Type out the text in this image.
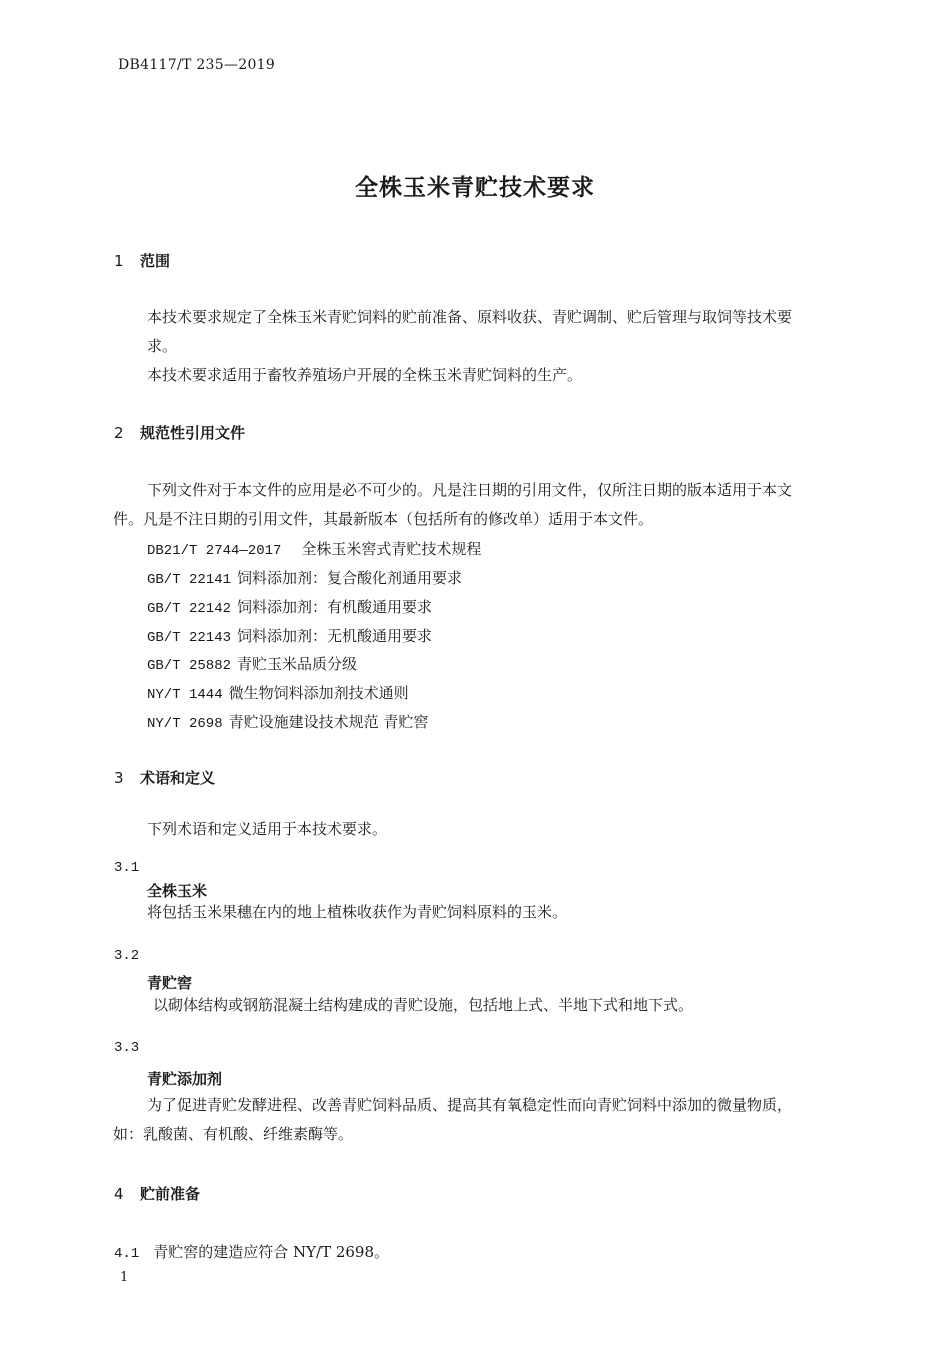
DB4117/T 235—2019
全株玉米青贮技术要求
1 范围
本技术要求规定了全株玉米青贮饲料的贮前准备、原料收获、青贮调制、贮后管理与取饲等技术要
求。
本技术要求适用于畜牧养殖场户开展的全株玉米青贮饲料的生产。
2 规范性引用文件
下列文件对于本文件的应用是必不可少的。凡是注日期的引用文件，仅所注日期的版本适用于本文
件。凡是不注日期的引用文件，其最新版本（包括所有的修改单）适用于本文件。
DB21/T 2744—2017 全株玉米窖式青贮技术规程
GB/T 22141 饲料添加剂：复合酸化剂通用要求
GB/T 22142 饲料添加剂：有机酸通用要求
GB/T 22143 饲料添加剂：无机酸通用要求
GB/T 25882 青贮玉米品质分级
NY/T 1444 微生物饲料添加剂技术通则
NY/T 2698 青贮设施建设技术规范 青贮窖
3 术语和定义
下列术语和定义适用于本技术要求。
3.1
全株玉米
将包括玉米果穗在内的地上植株收获作为青贮饲料原料的玉米。
3.2
青贮窖
以砌体结构或钢筋混凝土结构建成的青贮设施，包括地上式、半地下式和地下式。
3.3
青贮添加剂
为了促进青贮发酵进程、改善青贮饲料品质、提高其有氧稳定性而向青贮饲料中添加的微量物质，
如：乳酸菌、有机酸、纤维素酶等。
4 贮前准备
4.1 青贮窖的建造应符合 NY/T 2698。
1
